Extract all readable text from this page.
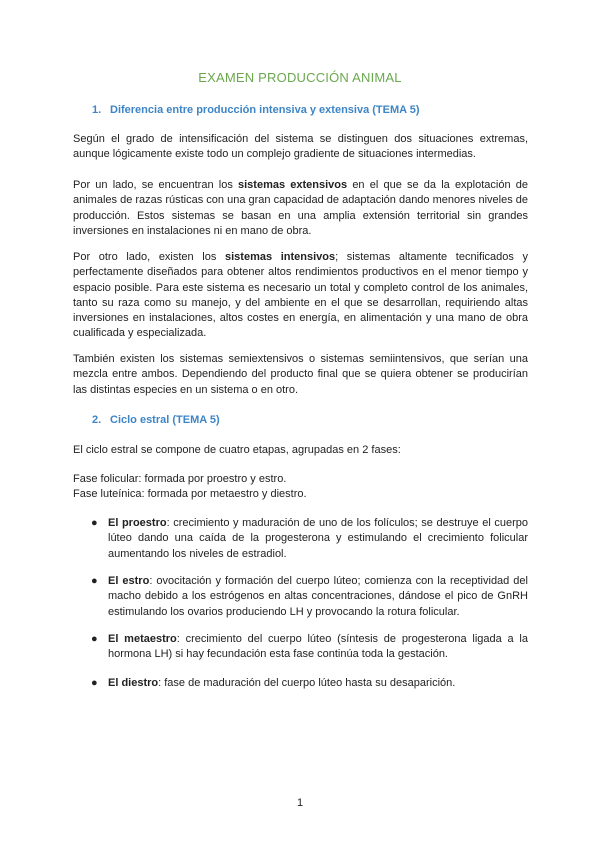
EXAMEN PRODUCCIÓN ANIMAL
1. Diferencia entre producción intensiva y extensiva (TEMA 5)

Según el grado de intensificación del sistema se distinguen dos situaciones extremas, aunque lógicamente existe todo un complejo gradiente de situaciones intermedias.

Por un lado, se encuentran los sistemas extensivos en el que se da la explotación de animales de razas rústicas con una gran capacidad de adaptación dando menores niveles de producción. Estos sistemas se basan en una amplia extensión territorial sin grandes inversiones en instalaciones ni en mano de obra.

Por otro lado, existen los sistemas intensivos; sistemas altamente tecnificados y perfectamente diseñados para obtener altos rendimientos productivos en el menor tiempo y espacio posible. Para este sistema es necesario un total y completo control de los animales, tanto su raza como su manejo, y del ambiente en el que se desarrollan, requiriendo altas inversiones en instalaciones, altos costes en energía, en alimentación y una mano de obra cualificada y especializada.

También existen los sistemas semiextensivos o sistemas semiintensivos, que serían una mezcla entre ambos. Dependiendo del producto final que se quiera obtener se producirían las distintas especies en un sistema o en otro.

2. Ciclo estral (TEMA 5)

El ciclo estral se compone de cuatro etapas, agrupadas en 2 fases:

Fase folicular: formada por proestro y estro.

Fase luteínica: formada por metaestro y diestro.

● El proestro: crecimiento y maduración de uno de los folículos; se destruye el cuerpo lúteo dando una caída de la progesterona y estimulando el crecimiento folicular aumentando los niveles de estradiol.

● El estro: ovocitación y formación del cuerpo lúteo; comienza con la receptividad del macho debido a los estrógenos en altas concentraciones, dándose el pico de GnRH estimulando los ovarios produciendo LH y provocando la rotura folicular.

● El metaestro: crecimiento del cuerpo lúteo (síntesis de progesterona ligada a la hormona LH) si hay fecundación esta fase continúa toda la gestación.

● El diestro: fase de maduración del cuerpo lúteo hasta su desaparición.

1
